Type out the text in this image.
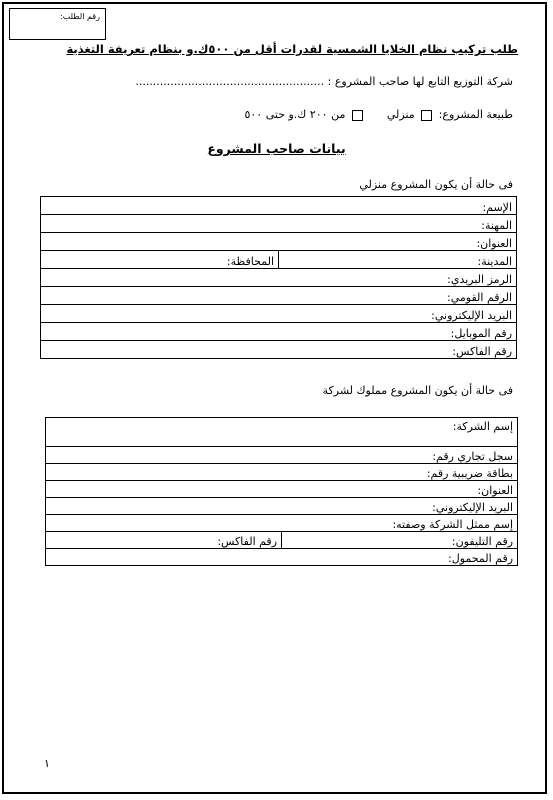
رقم الطلب:
طلب تركيب نظام الخلايا الشمسية لقدرات أقل من ٥٠٠ك.و بنظام تعريفة التغذية
شركة التوزيع التابع لها صاحب المشروع : ......................................................
طبيعة المشروع:  منزلي   من ٢٠٠ ك.و حتى ٥٠٠
بيانات صاحب المشروع
فى حالة أن يكون المشروع منزلي
الإسم:
المهنة:
العنوان:
المدينة:	المحافظة:
الرمز البريدي:
الرقم القومي:
البريد الإليكتروني:
رقم الموبايل:
رقم الفاكس:
فى حالة أن يكون المشروع مملوك لشركة
إسم الشركة:
سجل تجاري رقم:
بطاقة ضريبية رقم:
العنوان:
البريد الإليكتروني:
إسم ممثل الشركة وصفته:
رقم التليفون:	رقم الفاكس:
رقم المحمول:
١
